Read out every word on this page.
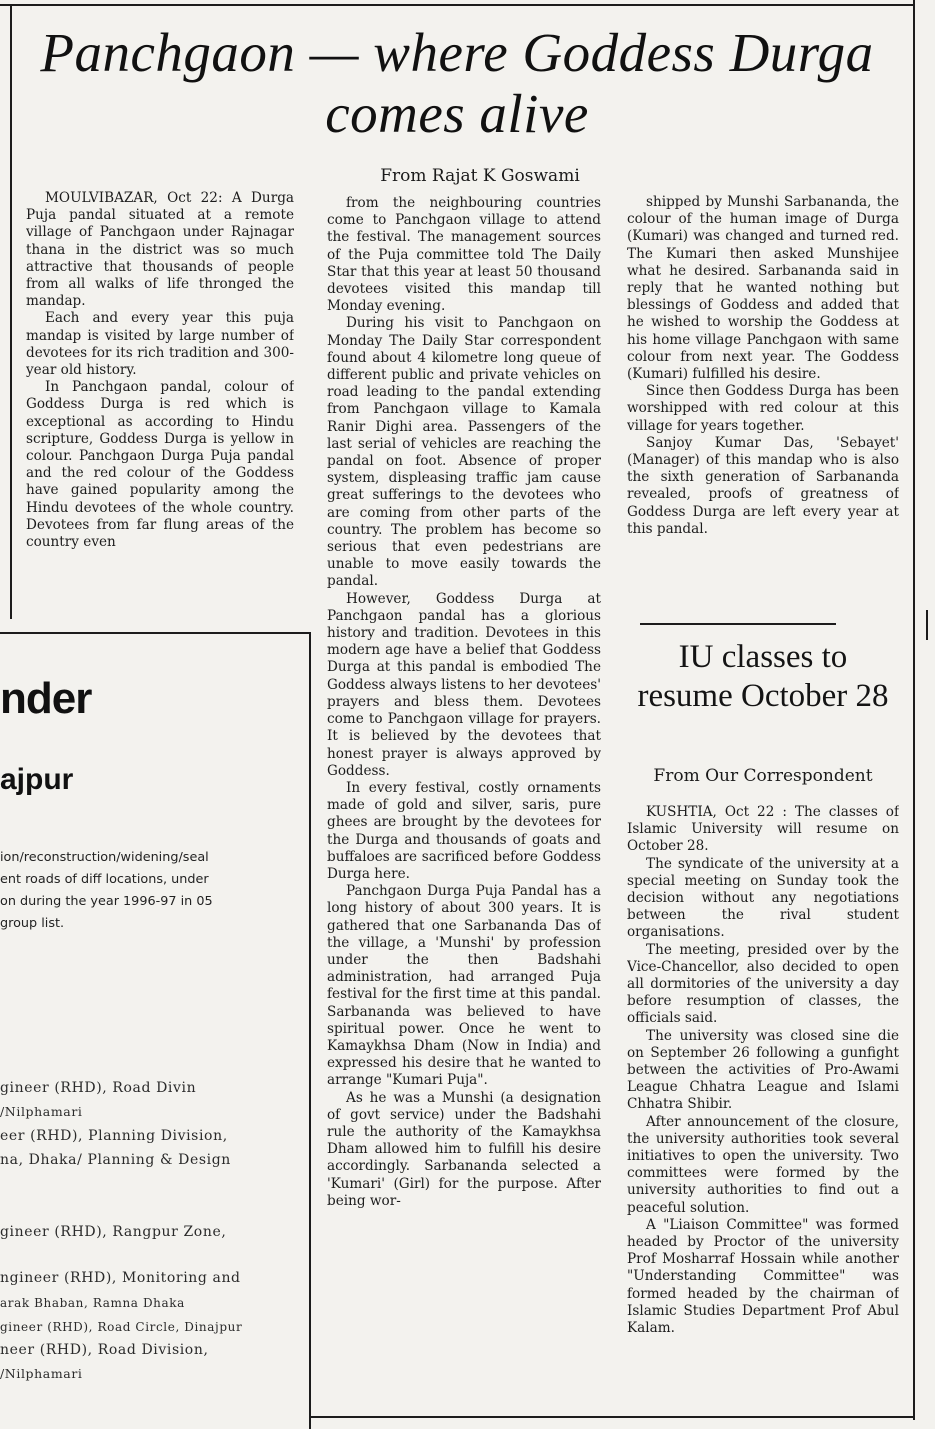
Panchgaon — where Goddess Durga comes alive

From Rajat K Goswami

MOULVIBAZAR, Oct 22: A Durga Puja pandal situated at a remote village of Panchgaon under Rajnagar thana in the district was so much attractive that thousands of people from all walks of life thronged the mandap.

Each and every year this puja mandap is visited by large number of devotees for its rich tradition and 300-year old history.

In Panchgaon pandal, colour of Goddess Durga is red which is exceptional as according to Hindu scripture, Goddess Durga is yellow in colour. Panchgaon Durga Puja pandal and the red colour of the Goddess have gained popularity among the Hindu devotees of the whole country. Devotees from far flung areas of the country even

from the neighbouring countries come to Panchgaon village to attend the festival. The management sources of the Puja committee told The Daily Star that this year at least 50 thousand devotees visited this mandap till Monday evening.

During his visit to Panchgaon on Monday The Daily Star correspondent found about 4 kilometre long queue of different public and private vehicles on road leading to the pandal extending from Panchgaon village to Kamala Ranir Dighi area. Passengers of the last serial of vehicles are reaching the pandal on foot. Absence of proper system, displeasing traffic jam cause great sufferings to the devotees who are coming from other parts of the country. The problem has become so serious that even pedestrians are unable to move easily towards the pandal.

However, Goddess Durga at Panchgaon pandal has a glorious history and tradition. Devotees in this modern age have a belief that Goddess Durga at this pandal is embodied The Goddess always listens to her devotees' prayers and bless them. Devotees come to Panchgaon village for prayers. It is believed by the devotees that honest prayer is always approved by Goddess.

In every festival, costly ornaments made of gold and silver, saris, pure ghees are brought by the devotees for the Durga and thousands of goats and buffaloes are sacrificed before Goddess Durga here.

Panchgaon Durga Puja Pandal has a long history of about 300 years. It is gathered that one Sarbananda Das of the village, a 'Munshi' by profession under the then Badshahi administration, had arranged Puja festival for the first time at this pandal. Sarbananda was believed to have spiritual power. Once he went to Kamaykhsa Dham (Now in India) and expressed his desire that he wanted to arrange "Kumari Puja".

As he was a Munshi (a designation of govt service) under the Badshahi rule the authority of the Kamaykhsa Dham allowed him to fulfill his desire accordingly. Sarbananda selected a 'Kumari' (Girl) for the purpose. After being wor-

shipped by Munshi Sarbananda, the colour of the human image of Durga (Kumari) was changed and turned red. The Kumari then asked Munshijee what he desired. Sarbananda said in reply that he wanted nothing but blessings of Goddess and added that he wished to worship the Goddess at his home village Panchgaon with same colour from next year. The Goddess (Kumari) fulfilled his desire.

Since then Goddess Durga has been worshipped with red colour at this village for years together.

Sanjoy Kumar Das, 'Sebayet' (Manager) of this mandap who is also the sixth generation of Sarbananda revealed, proofs of greatness of Goddess Durga are left every year at this pandal.

IU classes to resume October 28

From Our Correspondent

KUSHTIA, Oct 22 : The classes of Islamic University will resume on October 28.

The syndicate of the university at a special meeting on Sunday took the decision without any negotiations between the rival student organisations.

The meeting, presided over by the Vice-Chancellor, also decided to open all dormitories of the university a day before resumption of classes, the officials said.

The university was closed sine die on September 26 following a gunfight between the activities of Pro-Awami League Chhatra League and Islami Chhatra Shibir.

After announcement of the closure, the university authorities took several initiatives to open the university. Two committees were formed by the university authorities to find out a peaceful solution.

A "Liaison Committee" was formed headed by Proctor of the university Prof Mosharraf Hossain while another "Understanding Committee" was formed headed by the chairman of Islamic Studies Department Prof Abul Kalam.

nder

ajpur

ion/reconstruction/widening/seal

ent roads of diff locations, under

on during the year 1996-97 in 05

group list.

gineer (RHD), Road Divin

/Nilphamari

eer (RHD), Planning Division,

na, Dhaka/ Planning & Design

gineer (RHD), Rangpur Zone,

ngineer (RHD), Monitoring and

arak Bhaban, Ramna Dhaka

gineer (RHD), Road Circle, Dinajpur

neer (RHD), Road Division,

/Nilphamari
